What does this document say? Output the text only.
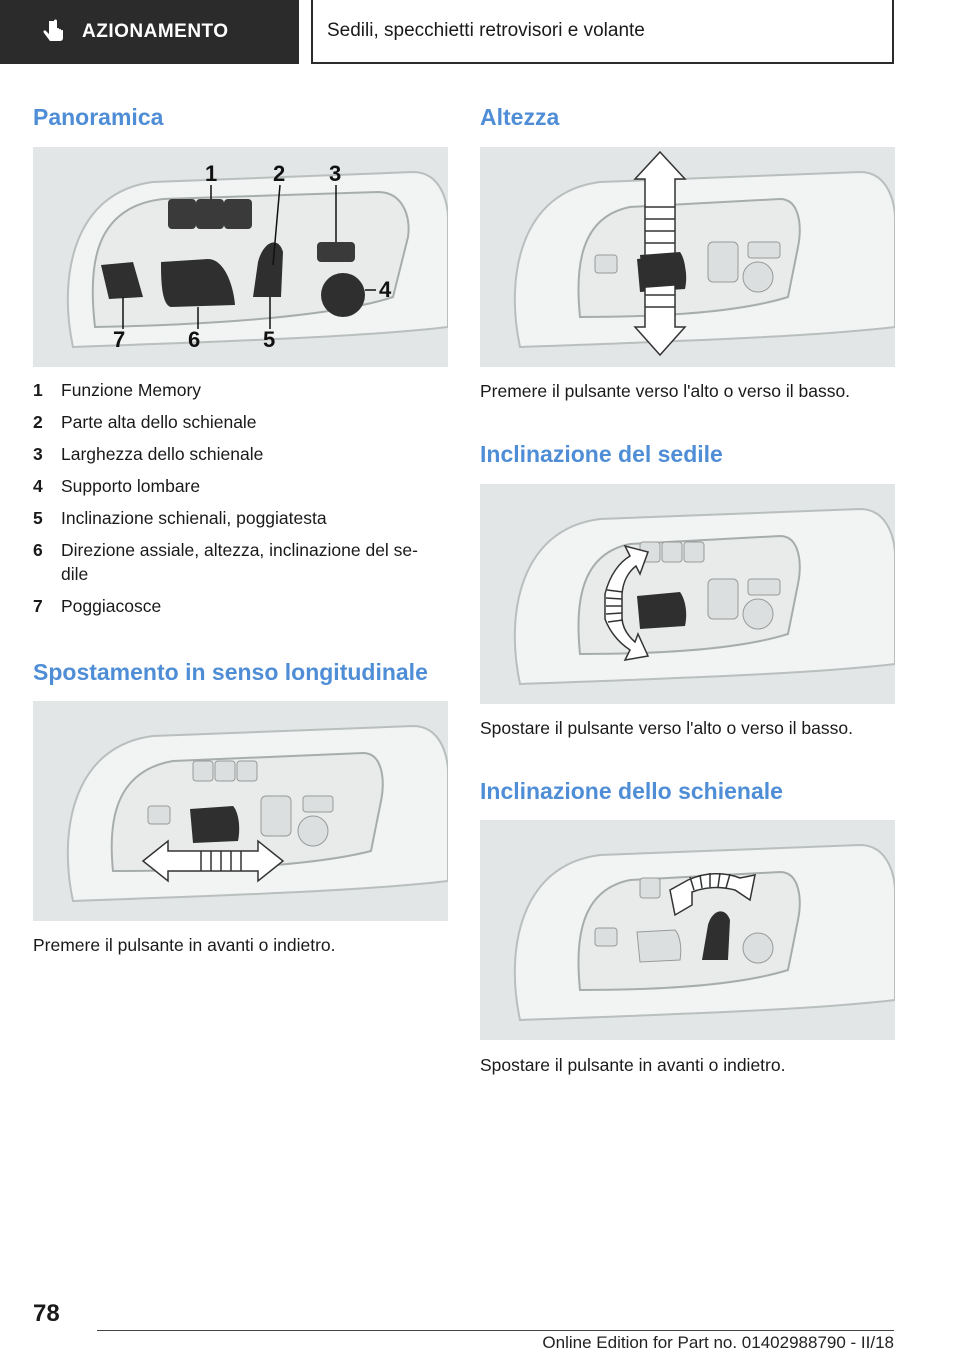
AZIONAMENTO	Sedili, specchietti retrovisori e volante
Panoramica
1	2 3
4
5
6
7
1	Funzione Memory
2	Parte alta dello schienale
3	Larghezza dello schienale
4	Supporto lombare
5	Inclinazione schienali, poggiatesta
6	Direzione assiale, altezza, inclinazione del se-
dile
7	Poggiacosce
Spostamento in senso longitudinale

Premere il pulsante in avanti o indietro.

Altezza

Premere il pulsante verso l'alto o verso il basso.

Inclinazione del sedile

Spostare il pulsante verso l'alto o verso il basso.

Inclinazione dello schienale

Spostare il pulsante in avanti o indietro.

78
Online Edition for Part no. 01402988790 - II/18
